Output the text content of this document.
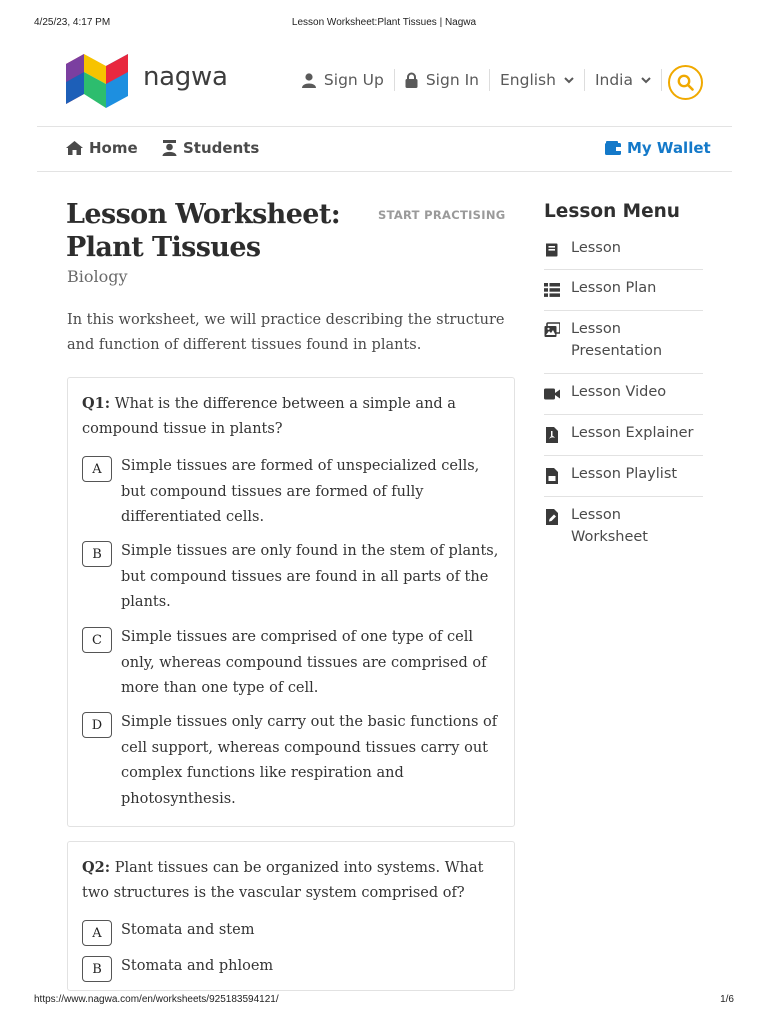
4/25/23, 4:17 PM	Lesson Worksheet:Plant Tissues | Nagwa
nagwa	Sign Up	Sign In English	India
Home	Students	My Wallet
Lesson Worksheet:
Plant Tissues
START PRACTISING
Biology
In this worksheet, we will practice describing the structure
and function of different tissues found in plants.
Q1: What is the difference between a simple and a
compound tissue in plants?
A	Simple tissues are formed of unspecialized cells,
but compound tissues are formed of fully
differentiated cells.
B	Simple tissues are only found in the stem of plants,
but compound tissues are found in all parts of the
plants.
C	Simple tissues are comprised of one type of cell
only, whereas compound tissues are comprised of
more than one type of cell.
D	Simple tissues only carry out the basic functions of
cell support, whereas compound tissues carry out
complex functions like respiration and
photosynthesis.
Q2: Plant tissues can be organized into systems. What
two structures is the vascular system comprised of?
A	Stomata and stem
B	Stomata and phloem
Lesson Menu
Lesson
Lesson Plan
Lesson Presentation
Lesson Video
Lesson Explainer
Lesson Playlist
Lesson Worksheet
https://www.nagwa.com/en/worksheets/925183594121/	1/6
